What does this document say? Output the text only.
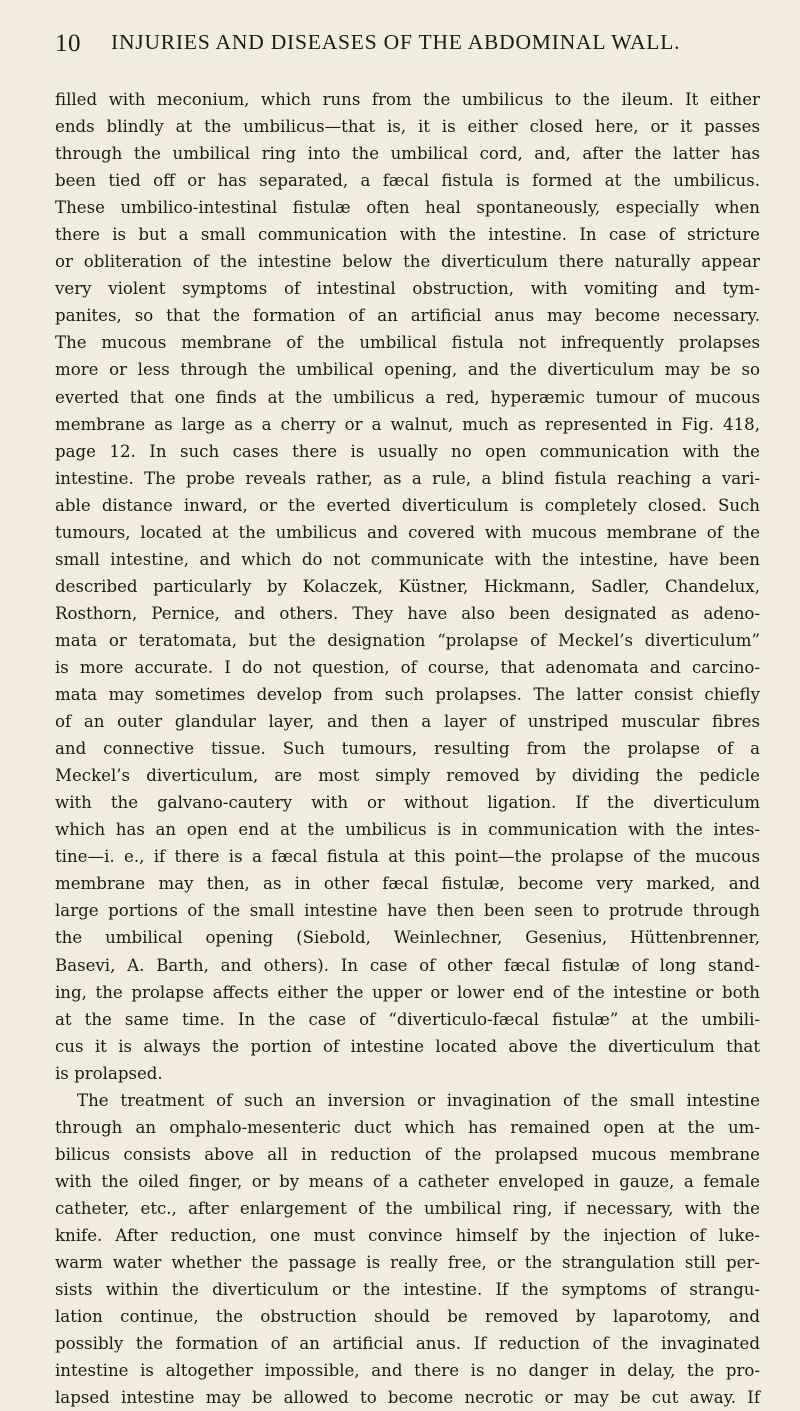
10 INJURIES AND DISEASES OF THE ABDOMINAL WALL.
filled with meconium, which runs from the umbilicus to the ileum. It either
ends blindly at the umbilicus—that is, it is either closed here, or it passes
through the umbilical ring into the umbilical cord, and, after the latter has
been tied off or has separated, a fæcal fistula is formed at the umbilicus.
These umbilico-intestinal fistulæ often heal spontaneously, especially when
there is but a small communication with the intestine. In case of stricture
or obliteration of the intestine below the diverticulum there naturally appear
very violent symptoms of intestinal obstruction, with vomiting and tym-
panites, so that the formation of an artificial anus may become necessary.
The mucous membrane of the umbilical fistula not infrequently prolapses
more or less through the umbilical opening, and the diverticulum may be so
everted that one finds at the umbilicus a red, hyperæmic tumour of mucous
membrane as large as a cherry or a walnut, much as represented in Fig. 418,
page 12. In such cases there is usually no open communication with the
intestine. The probe reveals rather, as a rule, a blind fistula reaching a vari-
able distance inward, or the everted diverticulum is completely closed. Such
tumours, located at the umbilicus and covered with mucous membrane of the
small intestine, and which do not communicate with the intestine, have been
described particularly by Kolaczek, Küstner, Hickmann, Sadler, Chandelux,
Rosthorn, Pernice, and others. They have also been designated as adeno-
mata or teratomata, but the designation “prolapse of Meckel’s diverticulum”
is more accurate. I do not question, of course, that adenomata and carcino-
mata may sometimes develop from such prolapses. The latter consist chiefly
of an outer glandular layer, and then a layer of unstriped muscular fibres
and connective tissue. Such tumours, resulting from the prolapse of a
Meckel’s diverticulum, are most simply removed by dividing the pedicle
with the galvano-cautery with or without ligation. If the diverticulum
which has an open end at the umbilicus is in communication with the intes-
tine—i. e., if there is a fæcal fistula at this point—the prolapse of the mucous
membrane may then, as in other fæcal fistulæ, become very marked, and
large portions of the small intestine have then been seen to protrude through
the umbilical opening (Siebold, Weinlechner, Gesenius, Hüttenbrenner,
Basevi, A. Barth, and others). In case of other fæcal fistulæ of long stand-
ing, the prolapse affects either the upper or lower end of the intestine or both
at the same time. In the case of “diverticulo-fæcal fistulæ” at the umbili-
cus it is always the portion of intestine located above the diverticulum that
is prolapsed.
The treatment of such an inversion or invagination of the small intestine
through an omphalo-mesenteric duct which has remained open at the um-
bilicus consists above all in reduction of the prolapsed mucous membrane
with the oiled finger, or by means of a catheter enveloped in gauze, a female
catheter, etc., after enlargement of the umbilical ring, if necessary, with the
knife. After reduction, one must convince himself by the injection of luke-
warm water whether the passage is really free, or the strangulation still per-
sists within the diverticulum or the intestine. If the symptoms of strangu-
lation continue, the obstruction should be removed by laparotomy, and
possibly the formation of an artificial anus. If reduction of the invaginated
intestine is altogether impossible, and there is no danger in delay, the pro-
lapsed intestine may be allowed to become necrotic or may be cut away. If
